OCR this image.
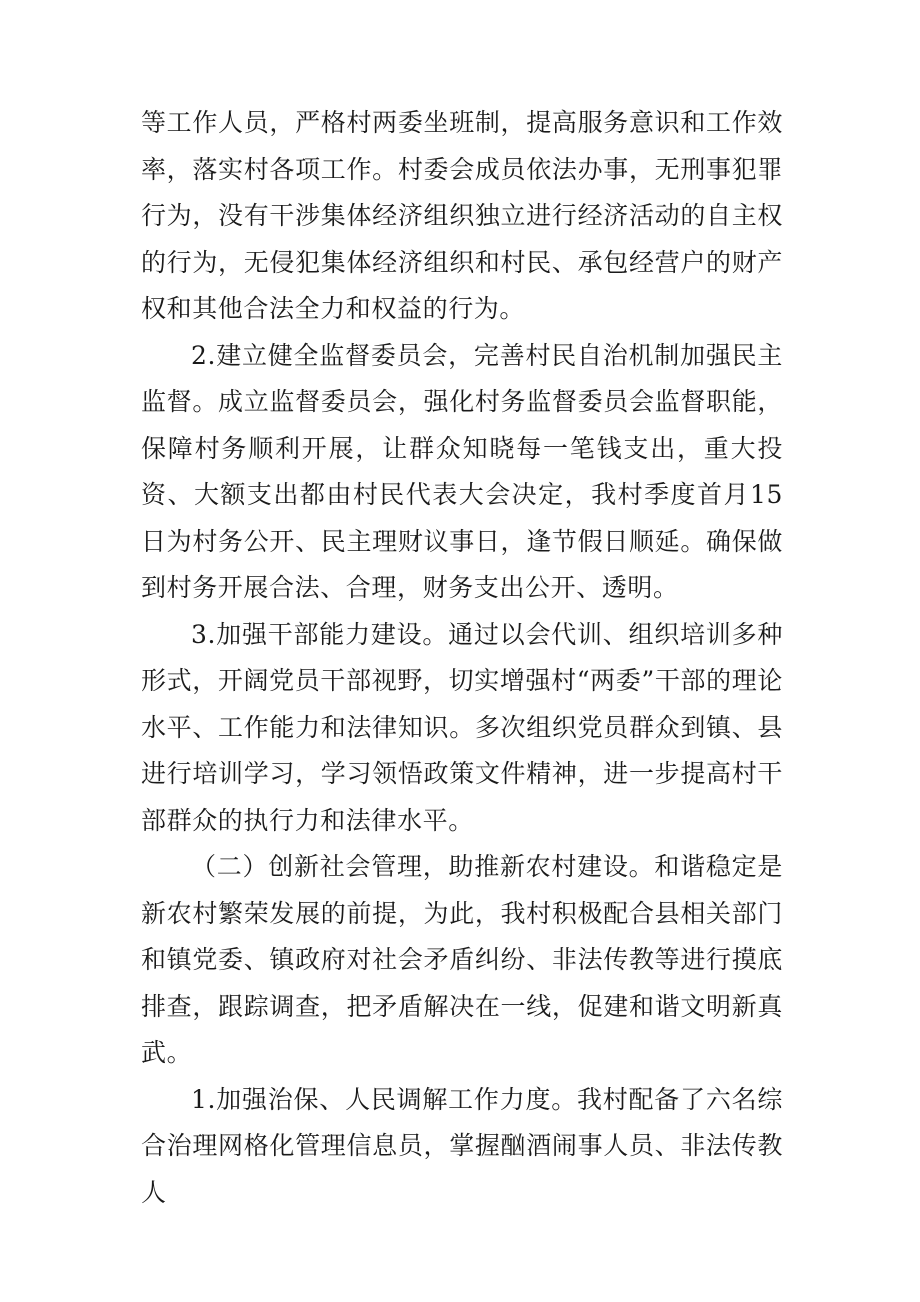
等工作人员，严格村两委坐班制，提高服务意识和工作效率，落实村各项工作。村委会成员依法办事，无刑事犯罪行为，没有干涉集体经济组织独立进行经济活动的自主权的行为，无侵犯集体经济组织和村民、承包经营户的财产权和其他合法全力和权益的行为。

2.建立健全监督委员会，完善村民自治机制加强民主监督。成立监督委员会，强化村务监督委员会监督职能，保障村务顺利开展，让群众知晓每一笔钱支出，重大投资、大额支出都由村民代表大会决定，我村季度首月15日为村务公开、民主理财议事日，逢节假日顺延。确保做到村务开展合法、合理，财务支出公开、透明。

3.加强干部能力建设。通过以会代训、组织培训多种形式，开阔党员干部视野，切实增强村“两委”干部的理论水平、工作能力和法律知识。多次组织党员群众到镇、县进行培训学习，学习领悟政策文件精神，进一步提高村干部群众的执行力和法律水平。

（二）创新社会管理，助推新农村建设。和谐稳定是新农村繁荣发展的前提，为此，我村积极配合县相关部门和镇党委、镇政府对社会矛盾纠纷、非法传教等进行摸底排查，跟踪调查，把矛盾解决在一线，促建和谐文明新真武。

1.加强治保、人民调解工作力度。我村配备了六名综合治理网格化管理信息员，掌握酗酒闹事人员、非法传教人
